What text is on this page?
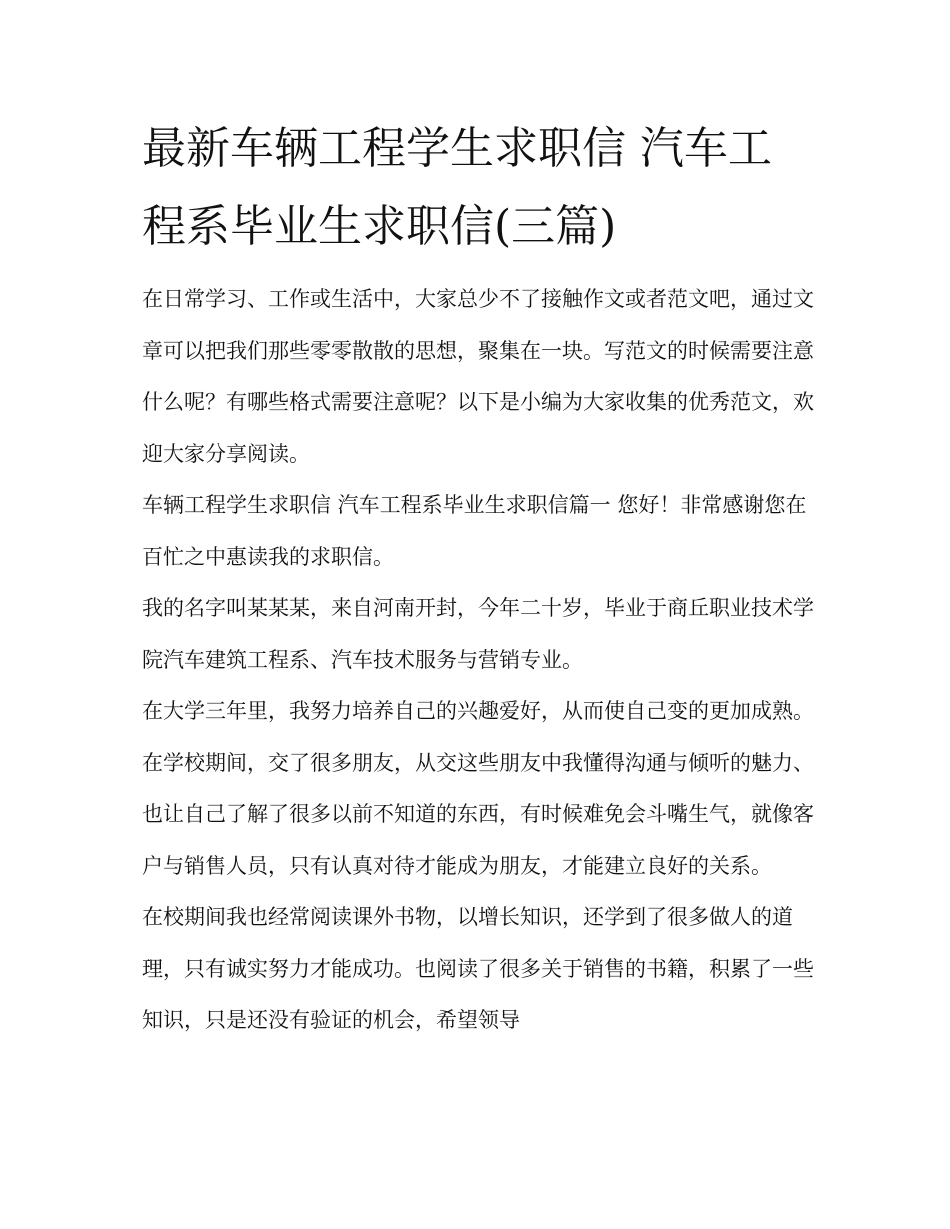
最新车辆工程学生求职信 汽车工程系毕业生求职信(三篇)

在日常学习、工作或生活中，大家总少不了接触作文或者范文吧，通过文章可以把我们那些零零散散的思想，聚集在一块。写范文的时候需要注意什么呢？有哪些格式需要注意呢？以下是小编为大家收集的优秀范文，欢迎大家分享阅读。

车辆工程学生求职信 汽车工程系毕业生求职信篇一 您好！非常感谢您在百忙之中惠读我的求职信。

我的名字叫某某某，来自河南开封，今年二十岁，毕业于商丘职业技术学院汽车建筑工程系、汽车技术服务与营销专业。

在大学三年里，我努力培养自己的兴趣爱好，从而使自己变的更加成熟。在学校期间，交了很多朋友，从交这些朋友中我懂得沟通与倾听的魅力、也让自己了解了很多以前不知道的东西，有时候难免会斗嘴生气，就像客户与销售人员，只有认真对待才能成为朋友，才能建立良好的关系。

在校期间我也经常阅读课外书物，以增长知识，还学到了很多做人的道理，只有诚实努力才能成功。也阅读了很多关于销售的书籍，积累了一些知识，只是还没有验证的机会，希望领导
